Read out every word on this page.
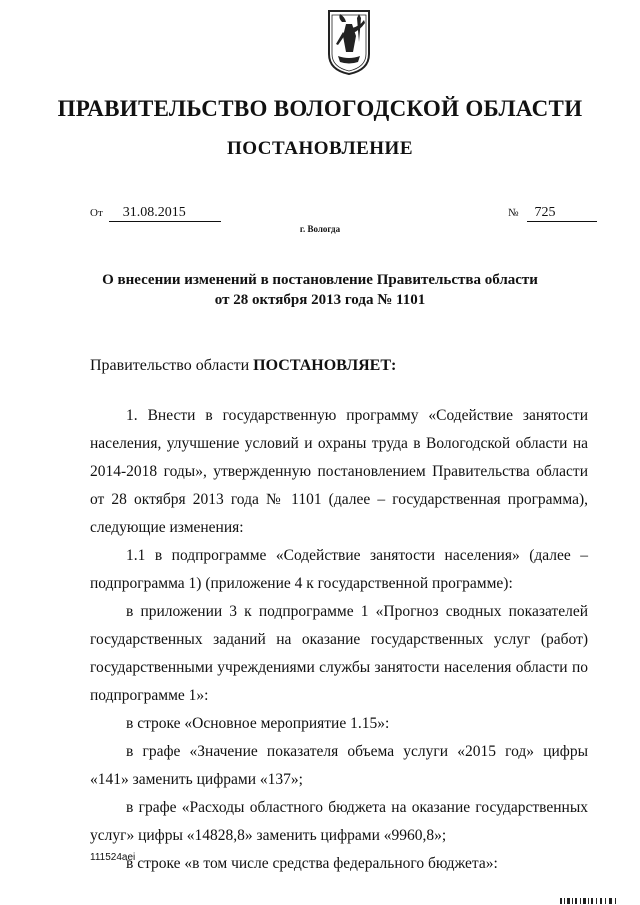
ПРАВИТЕЛЬСТВО ВОЛОГОДСКОЙ ОБЛАСТИ
ПОСТАНОВЛЕНИЕ
От 31.08.2015	№ 725
г. Вологда
О внесении изменений в постановление Правительства области
от 28 октября 2013 года № 1101
Правительство области ПОСТАНОВЛЯЕТ:

1. Внести в государственную программу «Содействие занятости населения, улучшение условий и охраны труда в Вологодской области на 2014-2018 годы», утвержденную постановлением Правительства области от 28 октября 2013 года № 1101 (далее – государственная программа), следующие изменения:

1.1 в подпрограмме «Содействие занятости населения» (далее – подпрограмма 1) (приложение 4 к государственной программе):

в приложении 3 к подпрограмме 1 «Прогноз сводных показателей государственных заданий на оказание государственных услуг (работ) государственными учреждениями службы занятости населения области по подпрограмме 1»:

в строке «Основное мероприятие 1.15»:

в графе «Значение показателя объема услуги «2015 год» цифры «141» заменить цифрами «137»;

в графе «Расходы областного бюджета на оказание государственных услуг» цифры «14828,8» заменить цифрами «9960,8»;

в строке «в том числе средства федерального бюджета»:

111524aei
